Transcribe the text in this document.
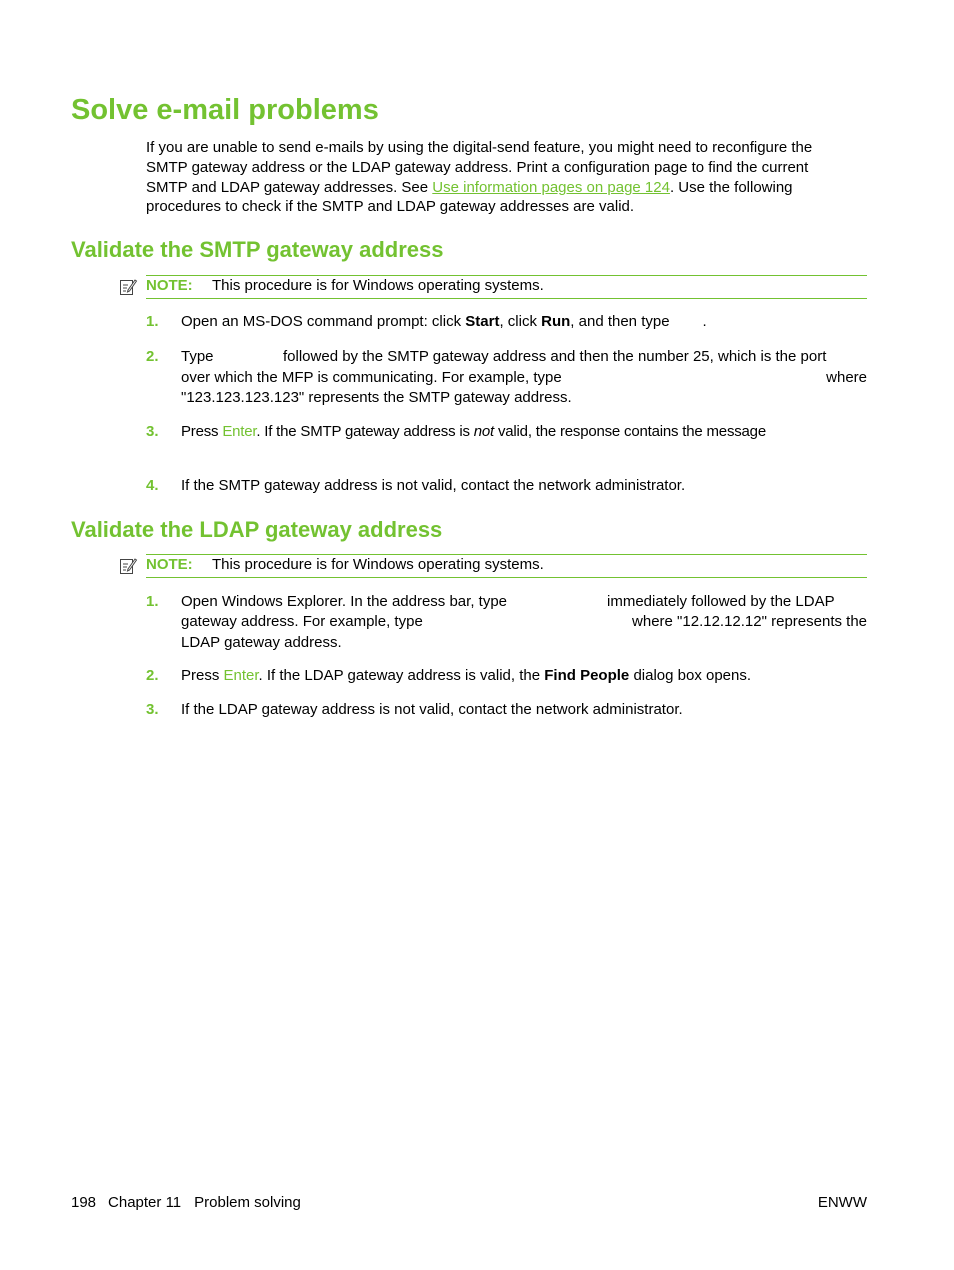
Solve e-mail problems
If you are unable to send e-mails by using the digital-send feature, you might need to reconfigure the
SMTP gateway address or the LDAP gateway address. Print a configuration page to find the current
SMTP and LDAP gateway addresses. See Use information pages on page 124. Use the following
procedures to check if the SMTP and LDAP gateway addresses are valid.
Validate the SMTP gateway address
NOTE: This procedure is for Windows operating systems.
1. Open an MS-DOS command prompt: click Start, click Run, and then type .
2. Type	followed by the SMTP gateway address and then the number 25, which is the port
over which the MFP is communicating. For example, type	where
"123.123.123.123" represents the SMTP gateway address.
3. Press Enter. If the SMTP gateway address is not valid, the response contains the message
4. If the SMTP gateway address is not valid, contact the network administrator.
Validate the LDAP gateway address
NOTE: This procedure is for Windows operating systems.
1. Open Windows Explorer. In the address bar, type	immediately followed by the LDAP
gateway address. For example, type	where "12.12.12.12" represents the
LDAP gateway address.
2. Press Enter. If the LDAP gateway address is valid, the Find People dialog box opens.
3. If the LDAP gateway address is not valid, contact the network administrator.
198 Chapter 11 Problem solving	ENWW
